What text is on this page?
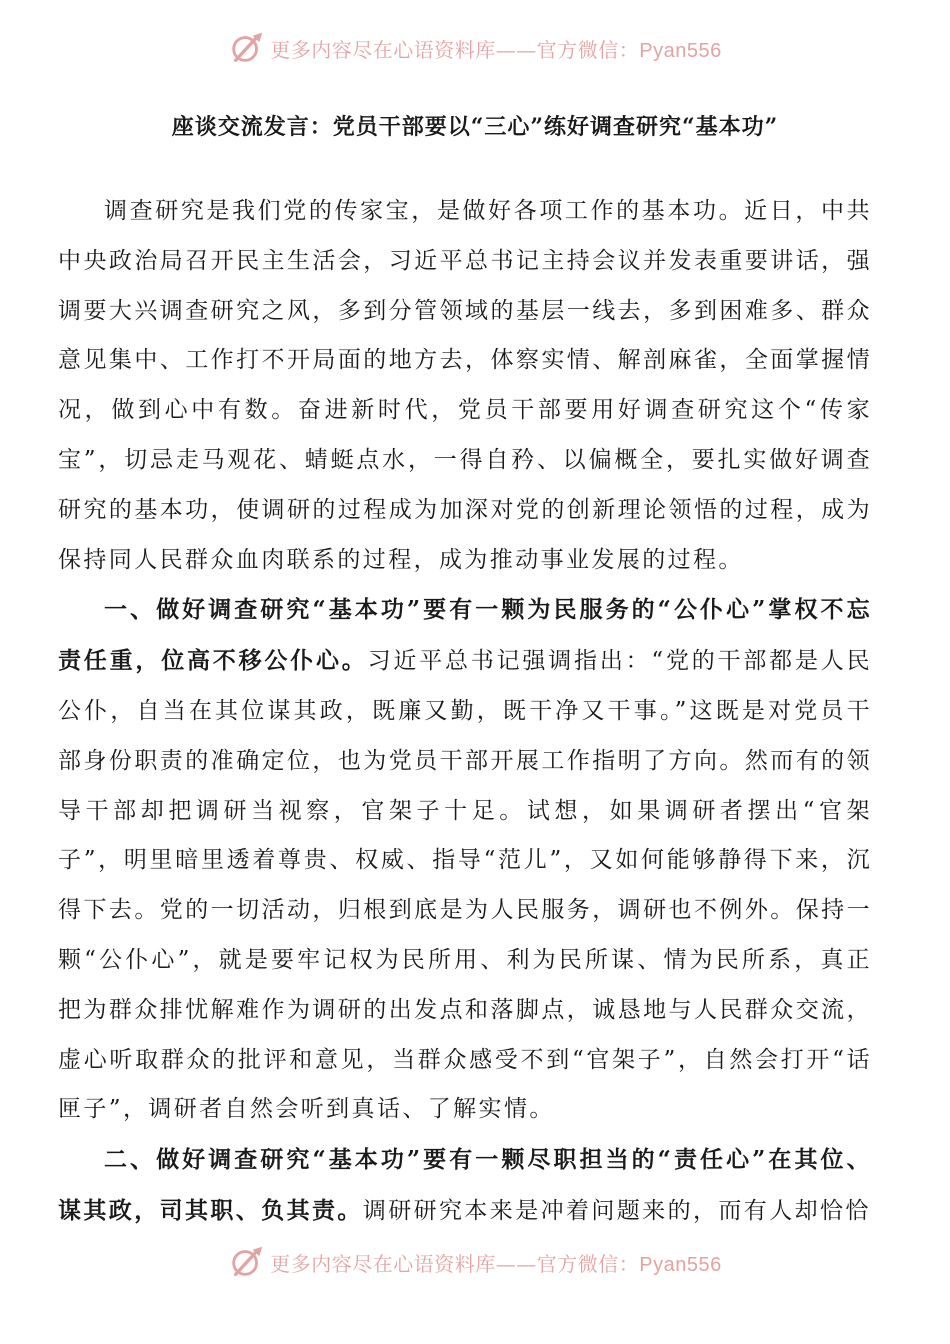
更多内容尽在心语资料库——官方微信：Pyan556
座谈交流发言：党员干部要以“三心”练好调查研究“基本功”

调查研究是我们党的传家宝，是做好各项工作的基本功。近日，中共中央政治局召开民主生活会，习近平总书记主持会议并发表重要讲话，强调要大兴调查研究之风，多到分管领域的基层一线去，多到困难多、群众意见集中、工作打不开局面的地方去，体察实情、解剖麻雀，全面掌握情况，做到心中有数。奋进新时代，党员干部要用好调查研究这个“传家宝”，切忌走马观花、蜻蜓点水，一得自矜、以偏概全，要扎实做好调查研究的基本功，使调研的过程成为加深对党的创新理论领悟的过程，成为保持同人民群众血肉联系的过程，成为推动事业发展的过程。

一、做好调查研究“基本功”要有一颗为民服务的“公仆心”掌权不忘责任重，位高不移公仆心。习近平总书记强调指出：“党的干部都是人民公仆，自当在其位谋其政，既廉又勤，既干净又干事。”这既是对党员干部身份职责的准确定位，也为党员干部开展工作指明了方向。然而有的领导干部却把调研当视察，官架子十足。试想，如果调研者摆出“官架子”，明里暗里透着尊贵、权威、指导“范儿”，又如何能够静得下来，沉得下去。党的一切活动，归根到底是为人民服务，调研也不例外。保持一颗“公仆心”，就是要牢记权为民所用、利为民所谋、情为民所系，真正把为群众排忧解难作为调研的出发点和落脚点，诚恳地与人民群众交流，虚心听取群众的批评和意见，当群众感受不到“官架子”，自然会打开“话匣子”，调研者自然会听到真话、了解实情。

二、做好调查研究“基本功”要有一颗尽职担当的“责任心”在其位、谋其政，司其职、负其责。调研研究本来是冲着问题来的，而有人却恰恰

更多内容尽在心语资料库——官方微信：Pyan556
